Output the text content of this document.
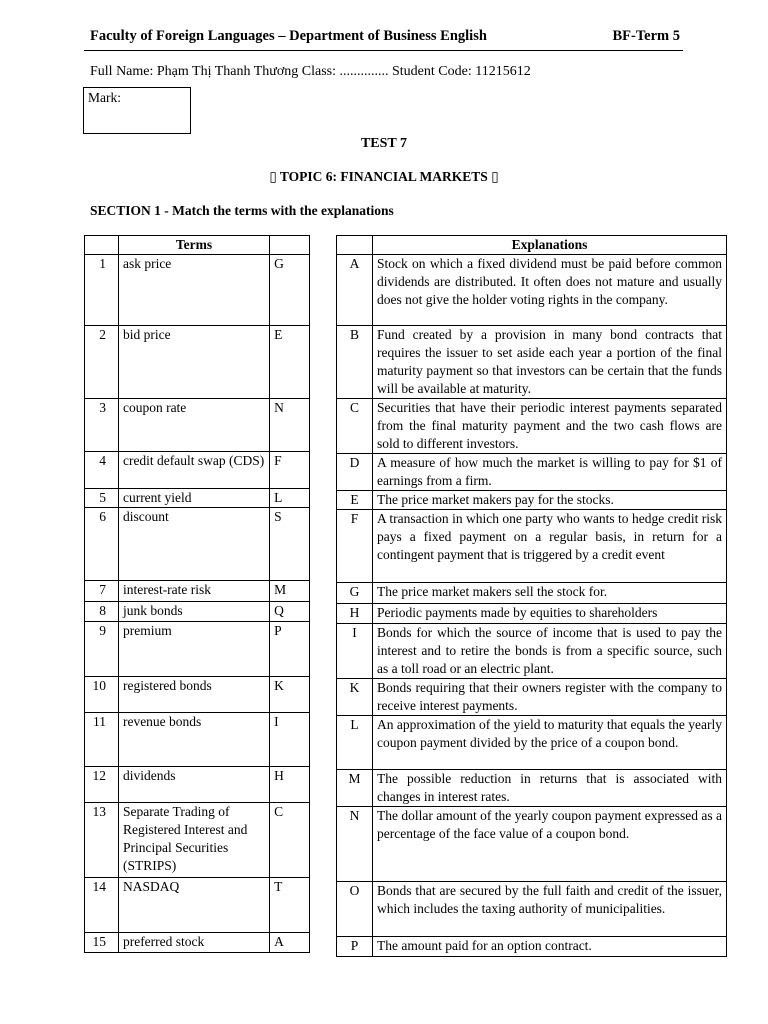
Faculty of Foreign Languages – Department of Business English	BF-Term 5
Full Name: Phạm Thị Thanh Thương Class: .............. Student Code: 11215612
Mark:
TEST 7
▯ TOPIC 6: FINANCIAL MARKETS ▯
SECTION 1 - Match the terms with the explanations
	Terms	
1	ask price	G
2	bid price	E
3	coupon rate	N
4	credit default swap (CDS)	F
5	current yield	L
6	discount	S
7	interest-rate risk	M
8	junk bonds	Q
9	premium	P
10	registered bonds	K
11	revenue bonds	I
12	dividends	H
13	Separate Trading of Registered Interest and Principal Securities (STRIPS)	C
14	NASDAQ	T
15	preferred stock	A
	Explanations
A	Stock on which a fixed dividend must be paid before common dividends are distributed. It often does not mature and usually does not give the holder voting rights in the company.
B	Fund created by a provision in many bond contracts that requires the issuer to set aside each year a portion of the final maturity payment so that investors can be certain that the funds will be available at maturity.
C	Securities that have their periodic interest payments separated from the final maturity payment and the two cash flows are sold to different investors.
D	A measure of how much the market is willing to pay for $1 of earnings from a firm.
E	The price market makers pay for the stocks.
F	A transaction in which one party who wants to hedge credit risk pays a fixed payment on a regular basis, in return for a contingent payment that is triggered by a credit event
G	The price market makers sell the stock for.
H	Periodic payments made by equities to shareholders
I	Bonds for which the source of income that is used to pay the interest and to retire the bonds is from a specific source, such as a toll road or an electric plant.
K	Bonds requiring that their owners register with the company to receive interest payments.
L	An approximation of the yield to maturity that equals the yearly coupon payment divided by the price of a coupon bond.
M	The possible reduction in returns that is associated with changes in interest rates.
N	The dollar amount of the yearly coupon payment expressed as a percentage of the face value of a coupon bond.
O	Bonds that are secured by the full faith and credit of the issuer, which includes the taxing authority of municipalities.
P	The amount paid for an option contract.
